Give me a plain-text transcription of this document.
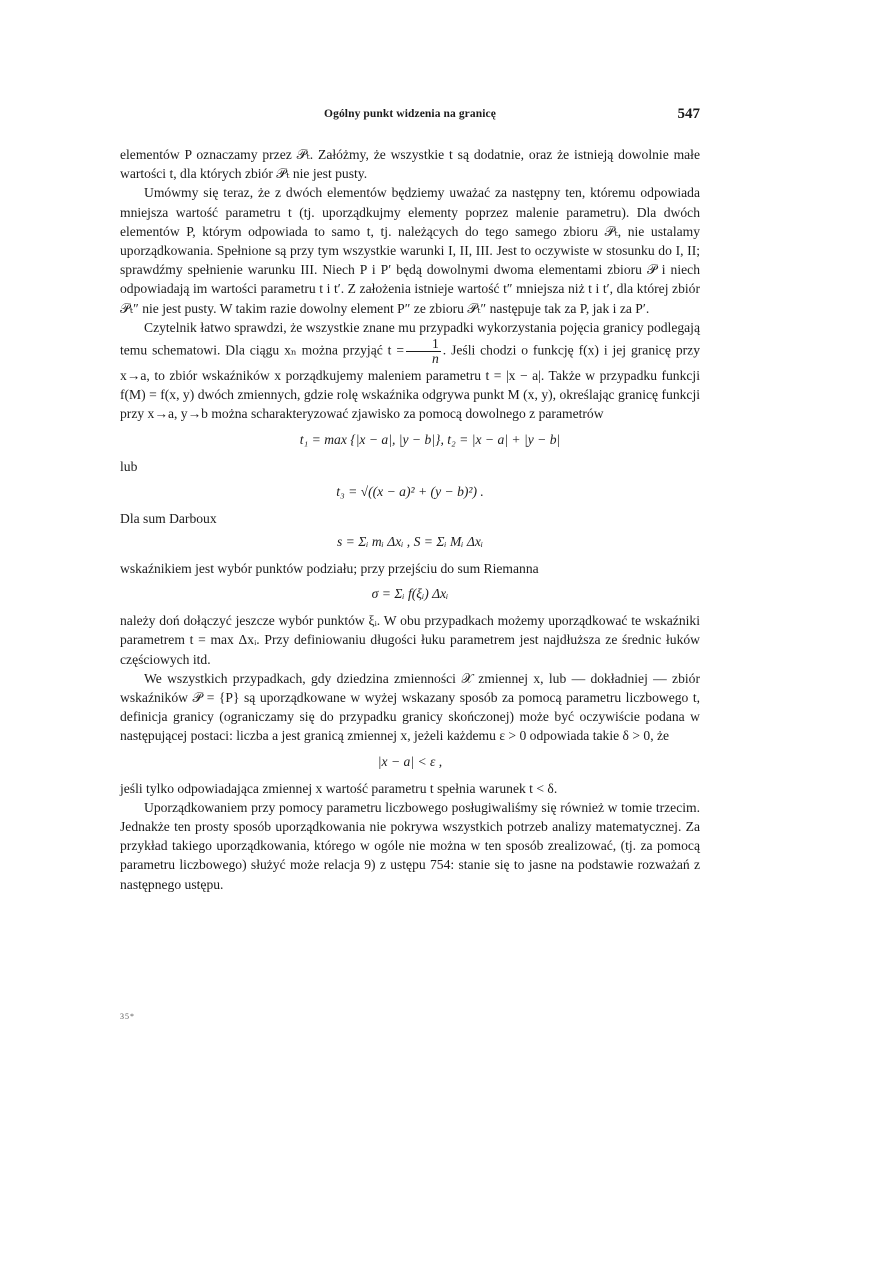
Ogólny punkt widzenia na granicę	547

elementów P oznaczamy przez 𝒫ₜ. Załóżmy, że wszystkie t są dodatnie, oraz że istnieją dowolnie małe wartości t, dla których zbiór 𝒫ₜ nie jest pusty.

Umówmy się teraz, że z dwóch elementów będziemy uważać za następny ten, któremu odpowiada mniejsza wartość parametru t (tj. uporządkujmy elementy poprzez malenie parametru). Dla dwóch elementów P, którym odpowiada to samo t, tj. należących do tego samego zbioru 𝒫ₜ, nie ustalamy uporządkowania. Spełnione są przy tym wszystkie warunki I, II, III. Jest to oczywiste w stosunku do I, II; sprawdźmy spełnienie warunku III. Niech P i P′ będą dowolnymi dwoma elementami zbioru 𝒫 i niech odpowiadają im wartości parametru t i t′. Z założenia istnieje wartość t″ mniejsza niż t i t′, dla której zbiór 𝒫ₜ″ nie jest pusty. W takim razie dowolny element P″ ze zbioru 𝒫ₜ″ następuje tak za P, jak i za P′.

Czytelnik łatwo sprawdzi, że wszystkie znane mu przypadki wykorzystania pojęcia granicy podlegają temu schematowi. Dla ciągu xₙ można przyjąć $t = \frac{1}{n}$ . Jeśli chodzi o funkcję f(x) i jej granicę przy x→a, to zbiór wskaźników x porządkujemy maleniem parametru t = |x − a|. Także w przypadku funkcji f(M) = f(x, y) dwóch zmiennych, gdzie rolę wskaźnika odgrywa punkt M (x, y), określając granicę funkcji przy x→a, y→b można scharakteryzować zjawisko za pomocą dowolnego z parametrów

t₁ = max {|x − a|, |y − b|}, t₂ = |x − a| + |y − b|

lub

t₃ = √((x − a)² + (y − b)²) .

Dla sum Darboux

s = Σᵢ mᵢ Δxᵢ , S = Σᵢ Mᵢ Δxᵢ

wskaźnikiem jest wybór punktów podziału; przy przejściu do sum Riemanna

σ = Σᵢ f(ξᵢ) Δxᵢ

należy doń dołączyć jeszcze wybór punktów ξᵢ. W obu przypadkach możemy uporządkować te wskaźniki parametrem t = max Δxᵢ. Przy definiowaniu długości łuku parametrem jest najdłuższa ze średnic łuków częściowych itd.

We wszystkich przypadkach, gdy dziedzina zmienności 𝒳 zmiennej x, lub — dokładniej — zbiór wskaźników 𝒫 = {P} są uporządkowane w wyżej wskazany sposób za pomocą parametru liczbowego t, definicja granicy (ograniczamy się do przypadku granicy skończonej) może być oczywiście podana w następującej postaci: liczba a jest granicą zmiennej x, jeżeli każdemu ε > 0 odpowiada takie δ > 0, że

|x − a| < ε ,

jeśli tylko odpowiadająca zmiennej x wartość parametru t spełnia warunek t < δ.

Uporządkowaniem przy pomocy parametru liczbowego posługiwaliśmy się również w tomie trzecim. Jednakże ten prosty sposób uporządkowania nie pokrywa wszystkich potrzeb analizy matematycznej. Za przykład takiego uporządkowania, którego w ogóle nie można w ten sposób zrealizować, (tj. za pomocą parametru liczbowego) służyć może relacja 9) z ustępu 754: stanie się to jasne na podstawie rozważań z następnego ustępu.

35*
